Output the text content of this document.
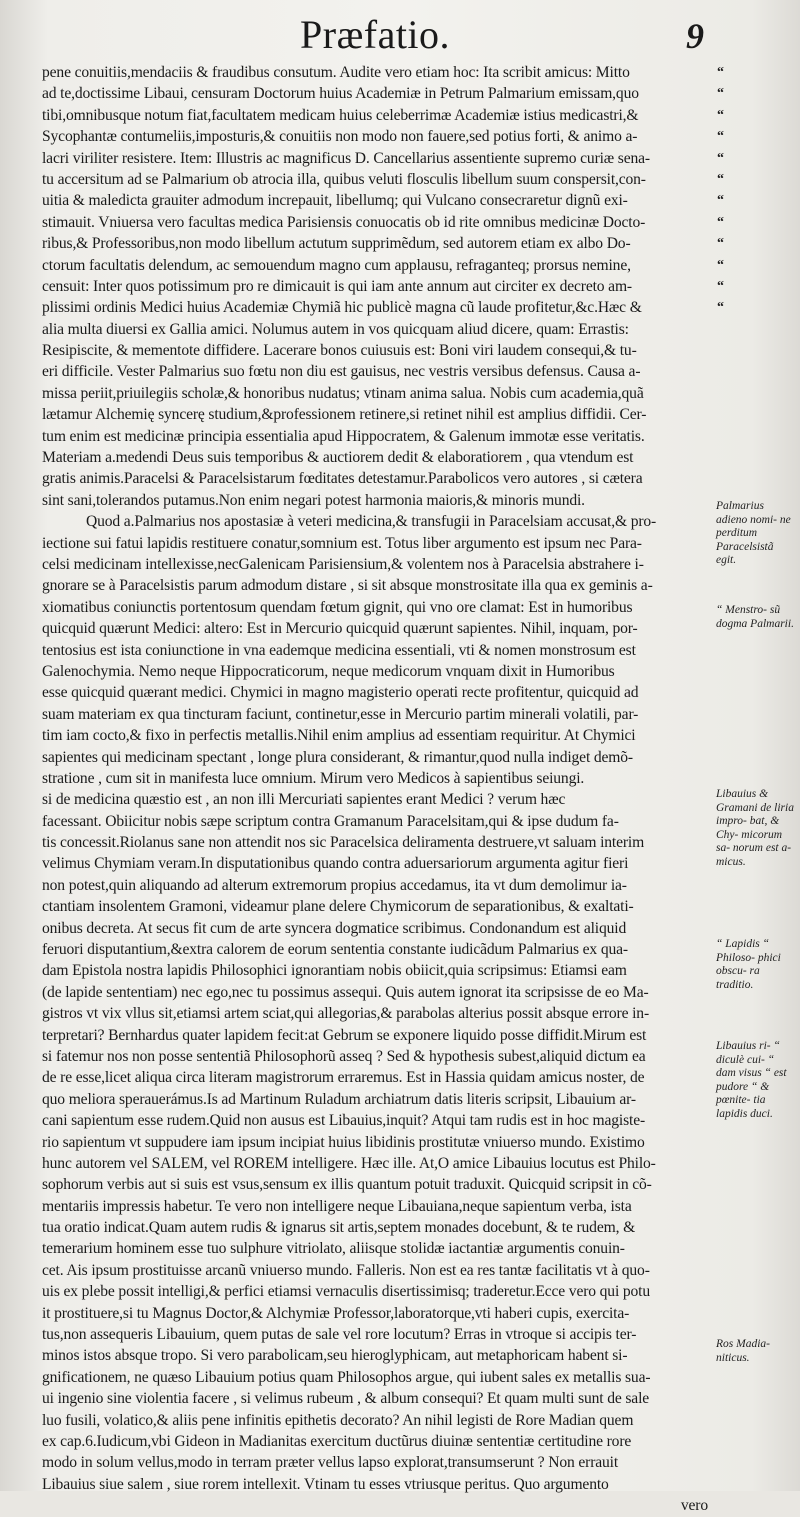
Præfatio.	9
pene conuitiis,mendaciis & fraudibus consutum. Audite vero etiam hoc: Ita scribit amicus: Mitto
ad te,doctissime Libaui, censuram Doctorum huius Academiæ in Petrum Palmarium emissam,quo
tibi,omnibusque notum fiat,facultatem medicam huius celeberrimæ Academiæ istius medicastri,&
Sycophantæ contumeliis,imposturis,& conuitiis non modo non fauere,sed potius forti, & animo a-
lacri viriliter resistere. Item: Illustris ac magnificus D. Cancellarius assentiente supremo curiæ sena-
tu accersitum ad se Palmarium ob atrocia illa, quibus veluti flosculis libellum suum conspersit,con-
uitia & maledicta grauiter admodum increpauit, libellumq; qui Vulcano consecraretur dignũ exi-
stimauit. Vniuersa vero facultas medica Parisiensis conuocatis ob id rite omnibus medicinæ Docto-
ribus,& Professoribus,non modo libellum actutum supprimẽdum, sed autorem etiam ex albo Do-
ctorum facultatis delendum, ac semouendum magno cum applausu, refraganteq; prorsus nemine,
censuit: Inter quos potissimum pro re dimicauit is qui iam ante annum aut circiter ex decreto am-
plissimi ordinis Medici huius Academiæ Chymiã hic publicè magna cũ laude profitetur,&c.Hæc &
alia multa diuersi ex Gallia amici. Nolumus autem in vos quicquam aliud dicere, quam: Errastis:
Resipiscite, & mementote diffidere. Lacerare bonos cuiusuis est: Boni viri laudem consequi,& tu-
eri difficile. Vester Palmarius suo fœtu non diu est gauisus, nec vestris versibus defensus. Causa a-
missa periit,priuilegiis scholæ,& honoribus nudatus; vtinam anima salua. Nobis cum academia,quã
lætamur Alchemię syncerę studium,&professionem retinere,si retinet nihil est amplius diffidii. Cer-
tum enim est medicinæ principia essentialia apud Hippocratem, & Galenum immotæ esse veritatis.
Materiam a.medendi Deus suis temporibus & auctiorem dedit & elaboratiorem , qua vtendum est
gratis animis.Paracelsi & Paracelsistarum fœditates detestamur.Parabolicos vero autores , si cætera
sint sani,tolerandos putamus.Non enim negari potest harmonia maioris,& minoris mundi.
Quod a.Palmarius nos apostasiæ à veteri medicina,& transfugii in Paracelsiam accusat,& pro-
iectione sui fatui lapidis restituere conatur,somnium est. Totus liber argumento est ipsum nec Para-
celsi medicinam intellexisse,necGalenicam Parisiensium,& volentem nos à Paracelsia abstrahere i-
gnorare se à Paracelsistis parum admodum distare , si sit absque monstrositate illa qua ex geminis a-
xiomatibus coniunctis portentosum quendam fœtum gignit, qui vno ore clamat: Est in humoribus
quicquid quærunt Medici: altero: Est in Mercurio quicquid quærunt sapientes. Nihil, inquam, por-
tentosius est ista coniunctione in vna eademque medicina essentiali, vti & nomen monstrosum est
Galenochymia. Nemo neque Hippocraticorum, neque medicorum vnquam dixit in Humoribus
esse quicquid quærant medici. Chymici in magno magisterio operati recte profitentur, quicquid ad
suam materiam ex qua tincturam faciunt, continetur,esse in Mercurio partim minerali volatili, par-
tim iam cocto,& fixo in perfectis metallis.Nihil enim amplius ad essentiam requiritur. At Chymici
sapientes qui medicinam spectant , longe plura considerant, & rimantur,quod nulla indiget demõ-
stratione , cum sit in manifesta luce omnium. Mirum vero Medicos à sapientibus seiungi.
si de medicina quæstio est , an non illi Mercuriati sapientes erant Medici ? verum hæc
facessant. Obiicitur nobis sæpe scriptum contra Gramanum Paracelsitam,qui & ipse dudum fa-
tis concessit.Riolanus sane non attendit nos sic Paracelsica deliramenta destruere,vt saluam interim
velimus Chymiam veram.In disputationibus quando contra aduersariorum argumenta agitur fieri
non potest,quin aliquando ad alterum extremorum propius accedamus, ita vt dum demolimur ia-
ctantiam insolentem Gramoni, videamur plane delere Chymicorum de separationibus, & exaltati-
onibus decreta. At secus fit cum de arte syncera dogmatice scribimus. Condonandum est aliquid
feruori disputantium,&extra calorem de eorum sententia constante iudicãdum Palmarius ex qua-
dam Epistola nostra lapidis Philosophici ignorantiam nobis obiicit,quia scripsimus: Etiamsi eam
(de lapide sententiam) nec ego,nec tu possimus assequi. Quis autem ignorat ita scripsisse de eo Ma-
gistros vt vix vllus sit,etiamsi artem sciat,qui allegorias,& parabolas alterius possit absque errore in-
terpretari? Bernhardus quater lapidem fecit:at Gebrum se exponere liquido posse diffidit.Mirum est
si fatemur nos non posse sententiã Philosophorũ asseq ? Sed & hypothesis subest,aliquid dictum ea
de re esse,licet aliqua circa literam magistrorum erraremus. Est in Hassia quidam amicus noster, de
quo meliora sperauerámus.Is ad Martinum Ruladum archiatrum datis literis scripsit, Libauium ar-
cani sapientum esse rudem.Quid non ausus est Libauius,inquit? Atqui tam rudis est in hoc magiste-
rio sapientum vt suppudere iam ipsum incipiat huius libidinis prostitutæ vniuerso mundo. Existimo
hunc autorem vel SALEM, vel ROREM intelligere. Hæc ille. At,O amice Libauius locutus est Philo-
sophorum verbis aut si suis est vsus,sensum ex illis quantum potuit traduxit. Quicquid scripsit in cõ-
mentariis impressis habetur. Te vero non intelligere neque Libauiana,neque sapientum verba, ista
tua oratio indicat.Quam autem rudis & ignarus sit artis,septem monades docebunt, & te rudem, &
temerarium hominem esse tuo sulphure vitriolato, aliisque stolidæ iactantiæ argumentis conuin-
cet. Ais ipsum prostituisse arcanũ vniuerso mundo. Falleris. Non est ea res tantæ facilitatis vt à quo-
uis ex plebe possit intelligi,& perfici etiamsi vernaculis disertissimisq; traderetur.Ecce vero qui potu
it prostituere,si tu Magnus Doctor,& Alchymiæ Professor,laboratorque,vti haberi cupis, exercita-
tus,non assequeris Libauium, quem putas de sale vel rore locutum? Erras in vtroque si accipis ter-
minos istos absque tropo. Si vero parabolicam,seu hieroglyphicam, aut metaphoricam habent si-
gnificationem, ne quæso Libauium potius quam Philosophos argue, qui iubent sales ex metallis sua-
ui ingenio sine violentia facere , si velimus rubeum , & album consequi? Et quam multi sunt de sale
luo fusili, volatico,& aliis pene infinitis epithetis decorato? An nihil legisti de Rore Madian quem
ex cap.6.Iudicum,vbi Gideon in Madianitas exercitum ductũrus diuinæ sententiæ certitudine rore
modo in solum vellus,modo in terram præter vellus lapso explorat,transumserunt ? Non errauit
Libauius siue salem , siue rorem intellexit. Vtinam tu esses vtriusque peritus. Quo argumento
vero
“
“
“
“
“
“
“
“
“
“
“
“
Palmarius adieno nomi- ne perditum Paracelsistã egit.
“ Menstro- sũ dogma Palmarii.
Libauius & Gramani de liria impro- bat, & Chy- micorum sa- norum est a- micus.
“ Lapidis “ Philoso- phici obscu- ra traditio.
Libauius ri- “ diculè cui- “ dam visus “ est pudore “ & pœnite- tia lapidis duci.
Ros Madia- niticus.
